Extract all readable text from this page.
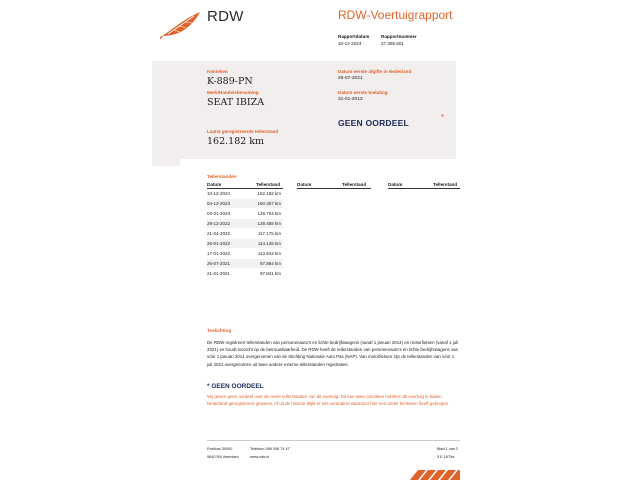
RDW	RDW-Voertuigrapport
Rapportdatum
10-12-2024
Rapportnummer
27.365.501
Kenteken
K-889-PN
Merk/Handelsbenaming
SEAT IBIZA
Datum eerste afgifte in Nederland
26-07-2021
Datum eerste toelating
31-01-2013
GEEN OORDEEL
*
Laatst geregistreerde tellerstand
162.182 km
Tellerstanden
Datum	Tellerstand	Datum	Tellerstand	Datum	Tellerstand
10-12-2024	162.182 km
04-12-2023	150.357 km
03-01-2023	129.704 km
29-12-2022	129.458 km
21-04-2022	117.175 km
25-01-2022	114.148 km
17-01-2022	113.942 km
26-07-2021	97.884 km
21-01-2021	97.841 km
Toelichting
De RDW registreert tellerstanden van personenauto's en lichte bedrijfswagens (vanaf 1 januari 2014) en motorfietsen (vanaf 1 juli 2021) en houdt toezicht op de betrouwbaarheid. De RDW heeft de tellerstanden van personenauto's en lichte bedrijfswagens van vóór 1 januari 2014 overgenomen van de Stichting Nationale Auto Pas (NAP). Van motorfietsen zijn de tellerstanden van vóór 1 juli 2021 overgenomen uit twee andere externe tellerstanden registraties.
* GEEN OORDEEL
Wij geven geen oordeel over de reeks tellerstanden van dit voertuig. Dit kan twee oorzaken hebben: dit voertuig is buiten Nederland geregistreerd geweest, of uit de historie blijkt er iets veranderd waardoor hier een ander kenteken heeft gekregen.
Postbus 30000	Telefoon 088 008 74 47	Blad 1 van 2
9640 RA Veendam	www.rdw.nl	3 E 1679a
